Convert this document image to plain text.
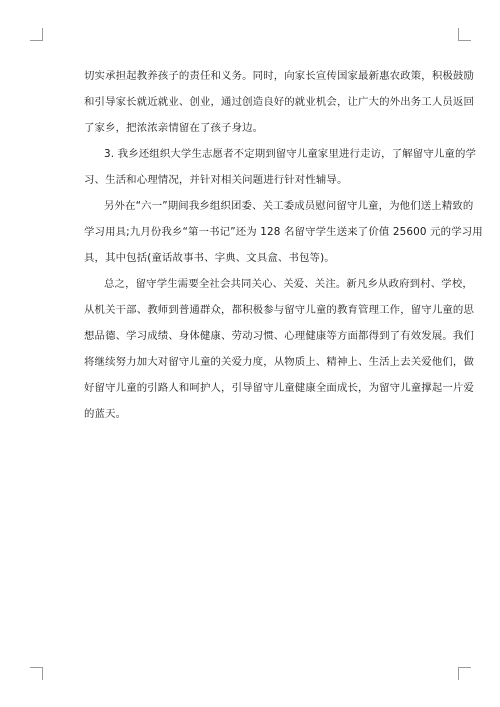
切实承担起教养孩子的责任和义务。同时，向家长宣传国家最新惠农政策，积极鼓励
和引导家长就近就业、创业，通过创造良好的就业机会，让广大的外出务工人员返回
了家乡，把浓浓亲情留在了孩子身边。
3. 我乡还组织大学生志愿者不定期到留守儿童家里进行走访，了解留守儿童的学
习、生活和心理情况，并针对相关问题进行针对性辅导。
另外在“六一”期间我乡组织团委、关工委成员慰问留守儿童，为他们送上精致的
学习用具;九月份我乡“第一书记”还为 128 名留守学生送来了价值 25600 元的学习用
具，其中包括(童话故事书、字典、文具盒、书包等)。
总之，留守学生需要全社会共同关心、关爱、关注。新凡乡从政府到村、学校，
从机关干部、教师到普通群众，都积极参与留守儿童的教育管理工作，留守儿童的思
想品德、学习成绩、身体健康、劳动习惯、心理健康等方面都得到了有效发展。我们
将继续努力加大对留守儿童的关爱力度，从物质上、精神上、生活上去关爱他们，做
好留守儿童的引路人和呵护人，引导留守儿童健康全面成长，为留守儿童撑起一片爱
的蓝天。
